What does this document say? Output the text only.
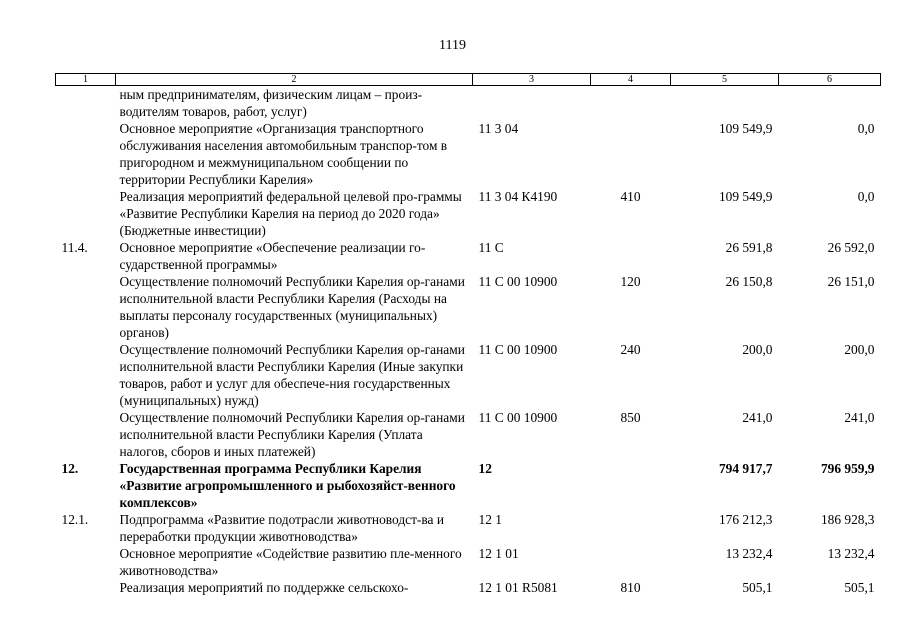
1119
1	2	3	4	5	6
	ным предпринимателям, физическим лицам – произ-водителям товаров, работ, услуг)				
	Основное мероприятие «Организация транспортного обслуживания населения автомобильным транспор-том в пригородном и межмуниципальном сообщении по территории Республики Карелия»	11 3 04		109 549,9	0,0
	Реализация мероприятий федеральной целевой про-граммы «Развитие Республики Карелия на период до 2020 года» (Бюджетные инвестиции)	11 3 04 К4190	410	109 549,9	0,0
11.4.	Основное мероприятие «Обеспечение реализации го-сударственной программы»	11 С		26 591,8	26 592,0
	Осуществление полномочий Республики Карелия ор-ганами исполнительной власти Республики Карелия (Расходы на выплаты персоналу государственных (муниципальных) органов)	11 С 00 10900	120	26 150,8	26 151,0
	Осуществление полномочий Республики Карелия ор-ганами исполнительной власти Республики Карелия (Иные закупки товаров, работ и услуг для обеспече-ния государственных (муниципальных) нужд)	11 С 00 10900	240	200,0	200,0
	Осуществление полномочий Республики Карелия ор-ганами исполнительной власти Республики Карелия (Уплата налогов, сборов и иных платежей)	11 С 00 10900	850	241,0	241,0
12.	Государственная программа Республики Карелия «Развитие агропромышленного и рыбохозяйст-венного комплексов»	12		794 917,7	796 959,9
12.1.	Подпрограмма «Развитие подотрасли животноводст-ва и переработки продукции животноводства»	12 1		176 212,3	186 928,3
	Основное мероприятие «Содействие развитию пле-менного животноводства»	12 1 01		13 232,4	13 232,4
	Реализация мероприятий по поддержке сельскохо-	12 1 01 R5081	810	505,1	505,1
